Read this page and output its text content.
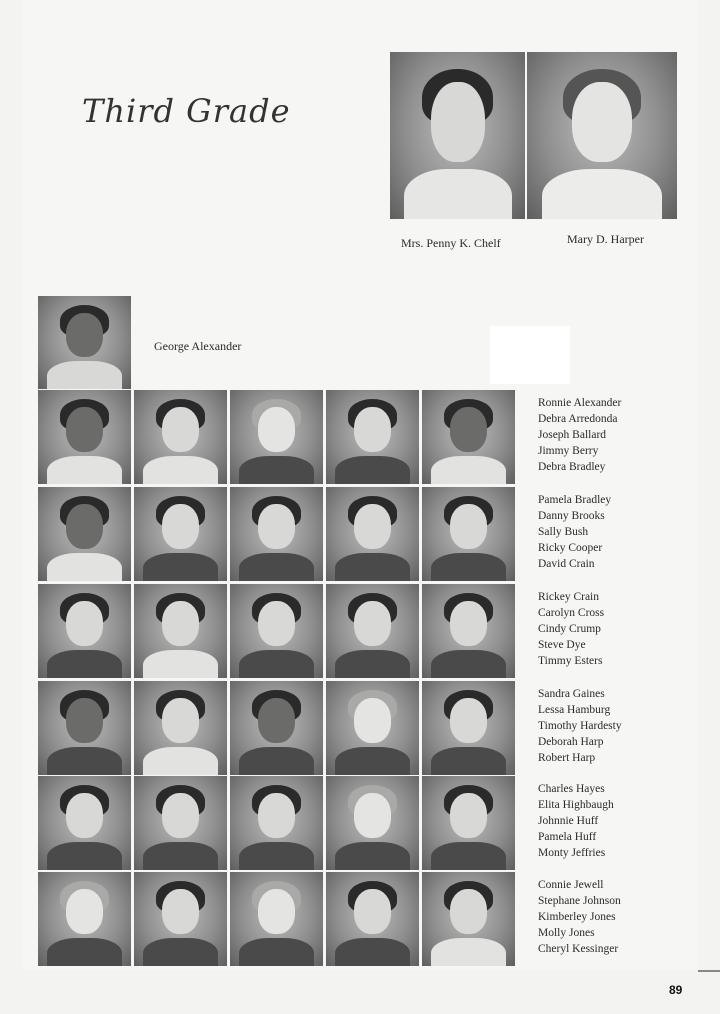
Third Grade
Mrs. Penny K. Chelf	Mary D. Harper
George Alexander
Ronnie Alexander
Debra Arredonda
Joseph Ballard
Jimmy Berry
Debra Bradley
Pamela Bradley
Danny Brooks
Sally Bush
Ricky Cooper
David Crain
Rickey Crain
Carolyn Cross
Cindy Crump
Steve Dye
Timmy Esters
Sandra Gaines
Lessa Hamburg
Timothy Hardesty
Deborah Harp
Robert Harp
Charles Hayes
Elita Highbaugh
Johnnie Huff
Pamela Huff
Monty Jeffries
Connie Jewell
Stephane Johnson
Kimberley Jones
Molly Jones
Cheryl Kessinger
89
